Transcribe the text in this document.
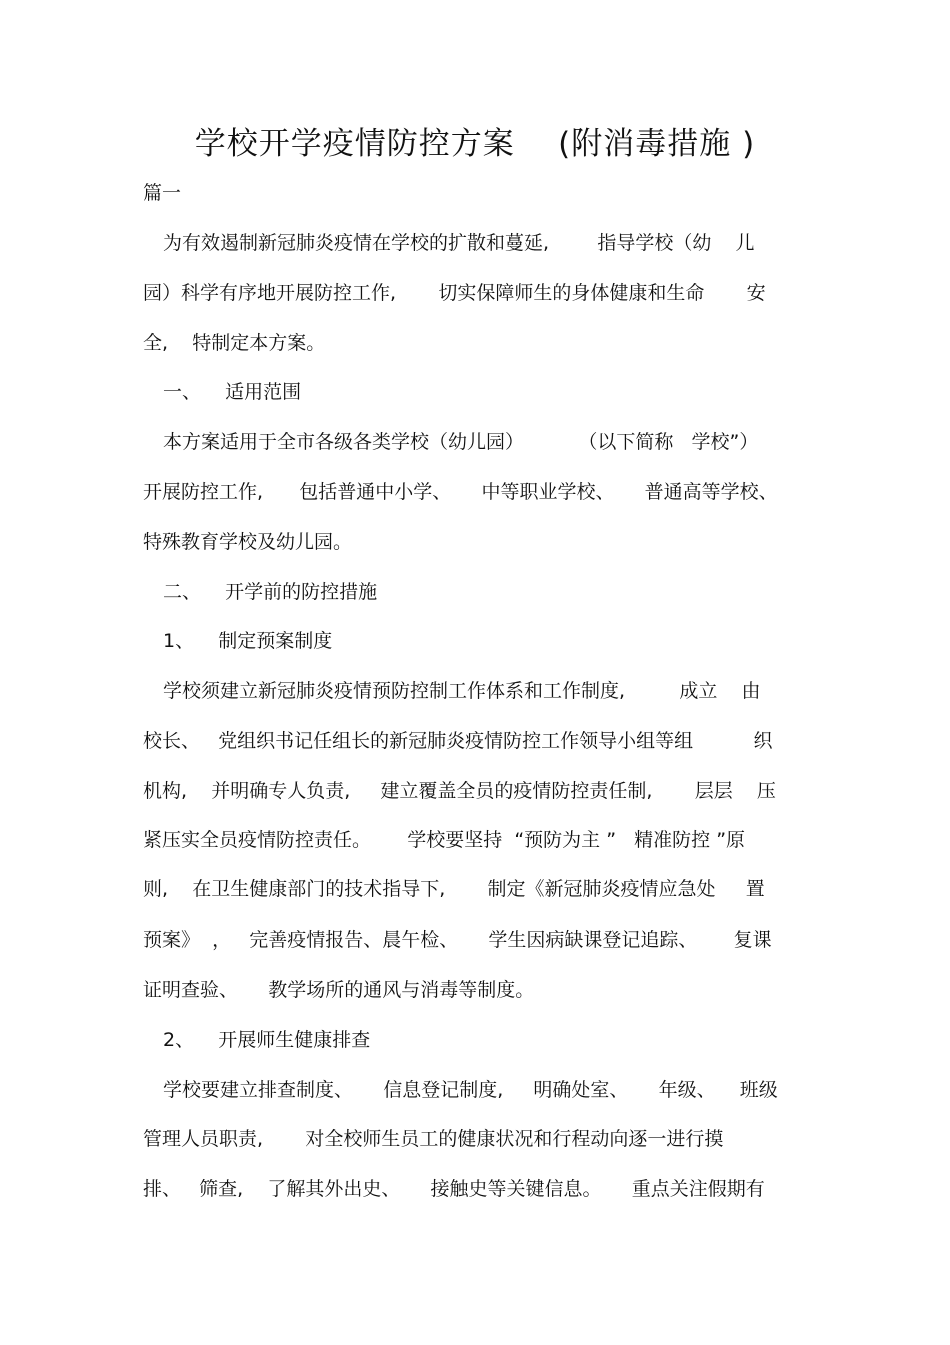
学校开学疫情防控方案    (附消毒措施 )

篇一

为有效遏制新冠肺炎疫情在学校的扩散和蔓延,        指导学校（幼    儿

园）科学有序地开展防控工作,       切实保障师生的身体健康和生命       安

全,    特制定本方案。

一、    适用范围

本方案适用于全市各级各类学校（幼儿园）         （以下简称   学校”）

开展防控工作,      包括普通中小学、     中等职业学校、     普通高等学校、

特殊教育学校及幼儿园。

二、    开学前的防控措施

1、    制定预案制度

学校须建立新冠肺炎疫情预防控制工作体系和工作制度,         成立    由

校长、   党组织书记任组长的新冠肺炎疫情防控工作领导小组等组          织

机构,    并明确专人负责,     建立覆盖全员的疫情防控责任制,       层层    压

紧压实全员疫情防控责任。      学校要坚持  “预防为主 ”   精准防控 ”原

则,    在卫生健康部门的技术指导下,       制定《新冠肺炎疫情应急处     置

预案》  ，   完善疫情报告、晨午检、     学生因病缺课登记追踪、      复课

证明查验、     教学场所的通风与消毒等制度。

2、    开展师生健康排查

学校要建立排查制度、     信息登记制度,     明确处室、     年级、    班级

管理人员职责,       对全校师生员工的健康状况和行程动向逐一进行摸

排、   筛查,    了解其外出史、     接触史等关键信息。     重点关注假期有
